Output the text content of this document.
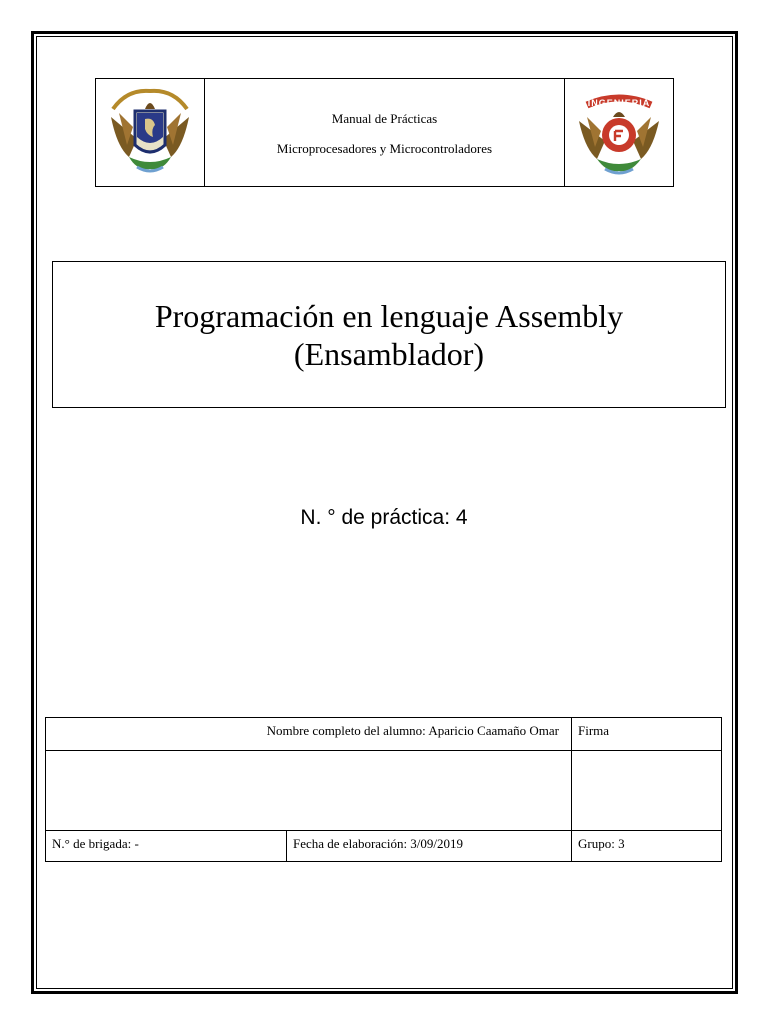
Manual de Prácticas
Microprocesadores y Microcontroladores
INGENIERIA
Programación en lenguaje Assembly
(Ensamblador)
N. ° de práctica: 4
Nombre completo del alumno: Aparicio Caamaño Omar	Firma
N.° de brigada: -	Fecha de elaboración: 3/09/2019	Grupo: 3
